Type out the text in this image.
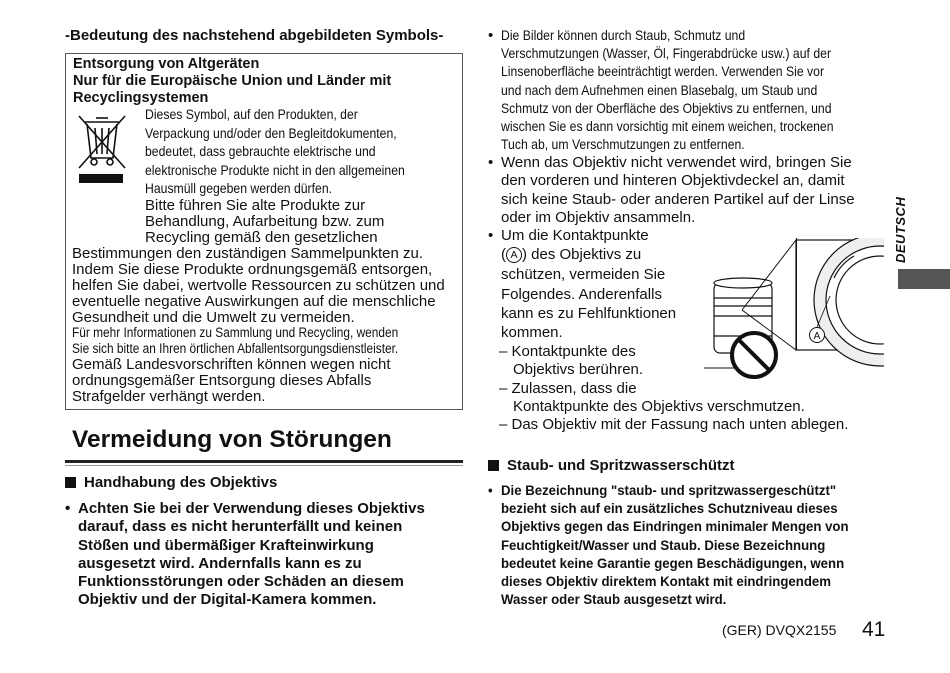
-Bedeutung des nachstehend abgebildeten Symbols-
Entsorgung von Altgeräten
Nur für die Europäische Union und Länder mit
Recyclingsystemen
Dieses Symbol, auf den Produkten, der
Verpackung und/oder den Begleitdokumenten,
bedeutet, dass gebrauchte elektrische und
elektronische Produkte nicht in den allgemeinen
Hausmüll gegeben werden dürfen.
Bitte führen Sie alte Produkte zur
Behandlung, Aufarbeitung bzw. zum
Recycling gemäß den gesetzlichen
Bestimmungen den zuständigen Sammelpunkten zu.
Indem Sie diese Produkte ordnungsgemäß entsorgen,
helfen Sie dabei, wertvolle Ressourcen zu schützen und
eventuelle negative Auswirkungen auf die menschliche
Gesundheit und die Umwelt zu vermeiden.
Für mehr Informationen zu Sammlung und Recycling, wenden
Sie sich bitte an Ihren örtlichen Abfallentsorgungsdienstleister.
Gemäß Landesvorschriften können wegen nicht
ordnungsgemäßer Entsorgung dieses Abfalls
Strafgelder verhängt werden.
Vermeidung von Störungen
Handhabung des Objektivs
• Achten Sie bei der Verwendung dieses Objektivs
darauf, dass es nicht herunterfällt und keinen
Stößen und übermäßiger Krafteinwirkung
ausgesetzt wird. Andernfalls kann es zu
Funktionsstörungen oder Schäden an diesem
Objektiv und der Digital-Kamera kommen.
• Die Bilder können durch Staub, Schmutz und
Verschmutzungen (Wasser, Öl, Fingerabdrücke usw.) auf der
Linsenoberfläche beeinträchtigt werden. Verwenden Sie vor
und nach dem Aufnehmen einen Blasebalg, um Staub und
Schmutz von der Oberfläche des Objektivs zu entfernen, und
wischen Sie es dann vorsichtig mit einem weichen, trockenen
Tuch ab, um Verschmutzungen zu entfernen.
• Wenn das Objektiv nicht verwendet wird, bringen Sie
den vorderen und hinteren Objektivdeckel an, damit
sich keine Staub- oder anderen Partikel auf der Linse
oder im Objektiv ansammeln.
• Um die Kontaktpunkte
( A ) des Objektivs zu
schützen, vermeiden Sie
Folgendes. Anderenfalls
kann es zu Fehlfunktionen
kommen.
– Kontaktpunkte des
Objektivs berühren.
– Zulassen, dass die
Kontaktpunkte des Objektivs verschmutzen.
– Das Objektiv mit der Fassung nach unten ablegen.
A
Staub- und Spritzwasserschützt
• Die Bezeichnung "staub- und spritzwassergeschützt"
bezieht sich auf ein zusätzliches Schutzniveau dieses
Objektivs gegen das Eindringen minimaler Mengen von
Feuchtigkeit/Wasser und Staub. Diese Bezeichnung
bedeutet keine Garantie gegen Beschädigungen, wenn
dieses Objektiv direktem Kontakt mit eindringendem
Wasser oder Staub ausgesetzt wird.
DEUTSCH
(GER) DVQX2155 41
